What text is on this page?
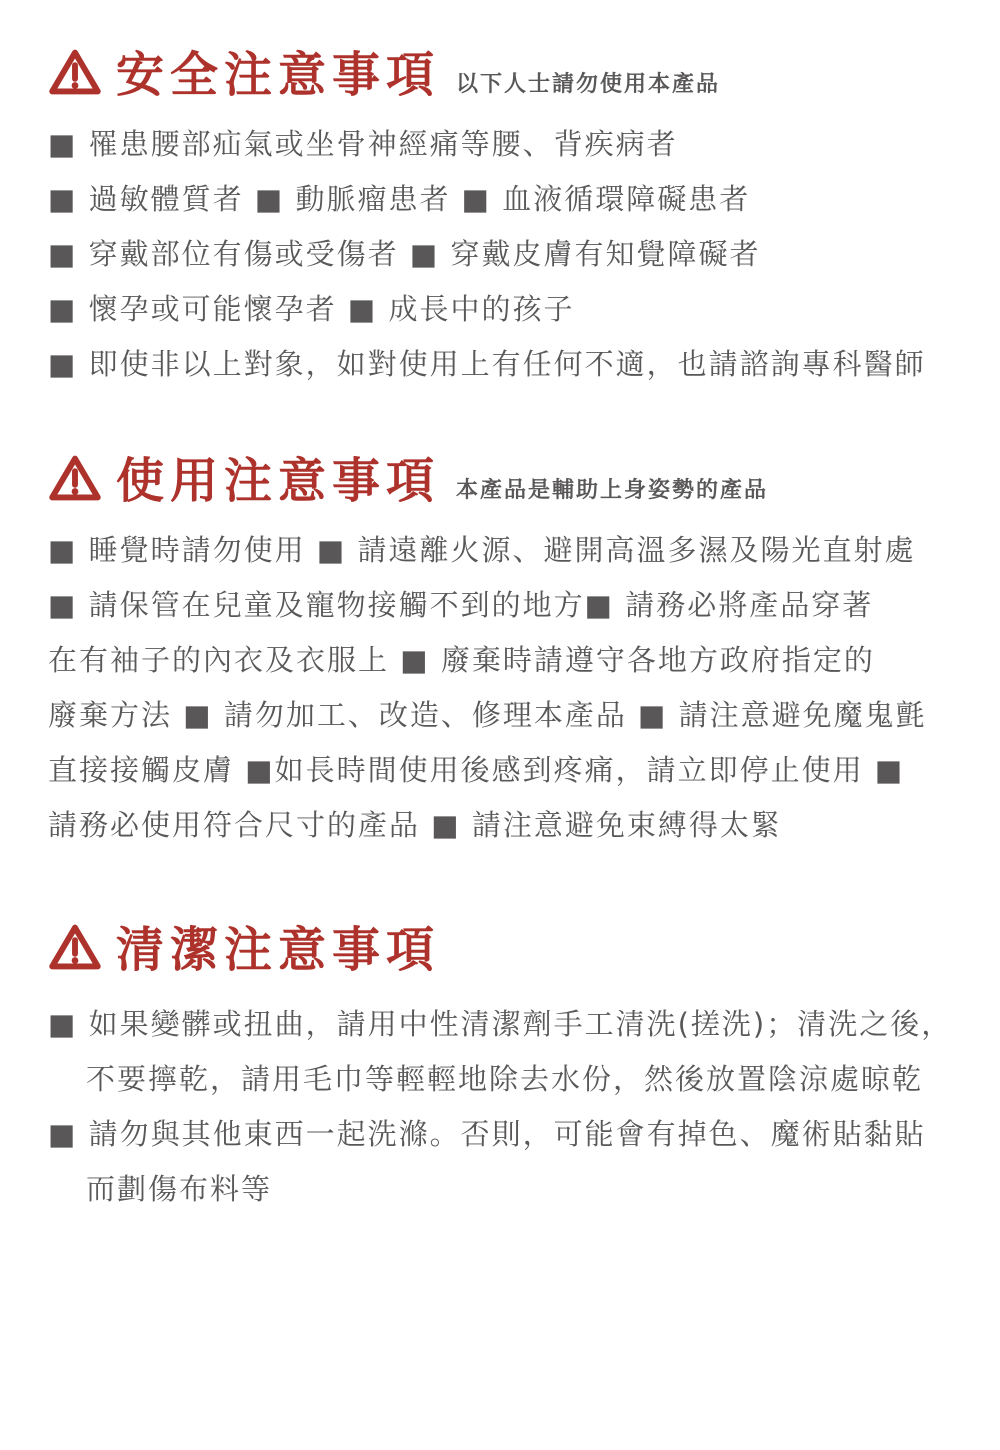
安全注意事項 以下人士請勿使用本產品
■ 罹患腰部疝氣或坐骨神經痛等腰、背疾病者
■ 過敏體質者 ■ 動脈瘤患者 ■ 血液循環障礙患者
■ 穿戴部位有傷或受傷者 ■ 穿戴皮膚有知覺障礙者
■ 懷孕或可能懷孕者 ■ 成長中的孩子
■ 即使非以上對象，如對使用上有任何不適，也請諮詢專科醫師
使用注意事項 本產品是輔助上身姿勢的產品
■ 睡覺時請勿使用 ■ 請遠離火源、避開高溫多濕及陽光直射處
■ 請保管在兒童及寵物接觸不到的地方■ 請務必將產品穿著
在有袖子的內衣及衣服上 ■ 廢棄時請遵守各地方政府指定的
廢棄方法 ■ 請勿加工、改造、修理本產品 ■ 請注意避免魔鬼氈
直接接觸皮膚 ■如長時間使用後感到疼痛，請立即停止使用 ■
請務必使用符合尺寸的產品 ■ 請注意避免束縛得太緊
清潔注意事項
■ 如果變髒或扭曲，請用中性清潔劑手工清洗(搓洗)；清洗之後，
不要擰乾，請用毛巾等輕輕地除去水份，然後放置陰涼處晾乾
■ 請勿與其他東西一起洗滌。否則，可能會有掉色、魔術貼黏貼
而劃傷布料等
